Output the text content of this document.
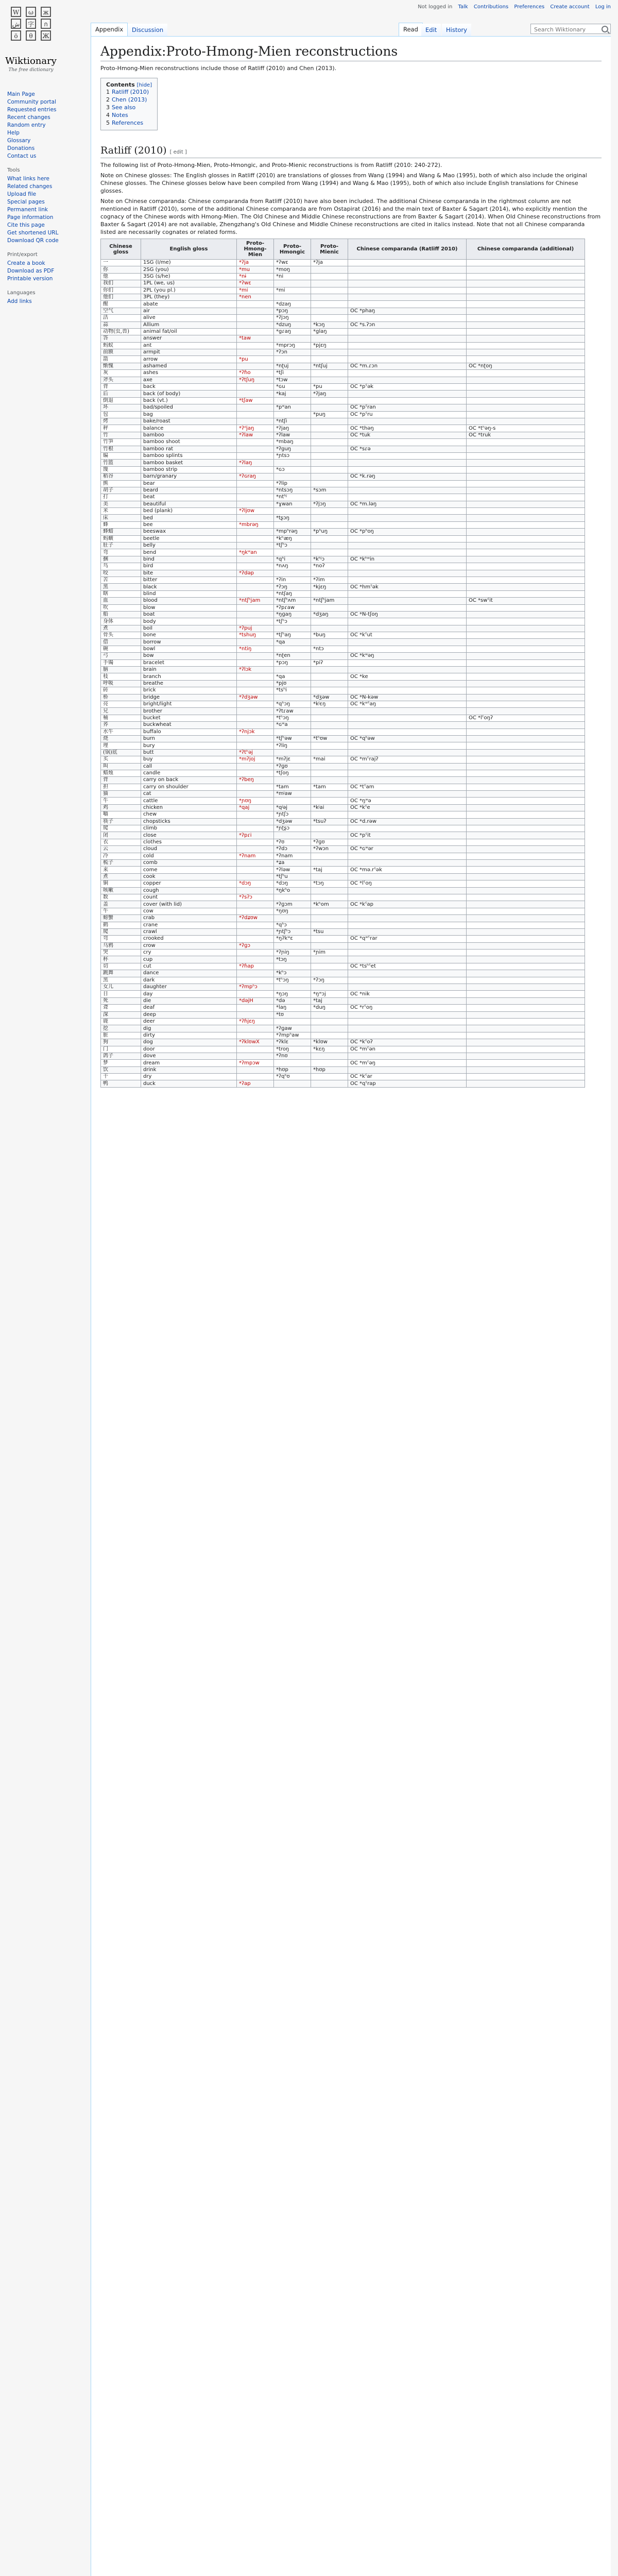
Not logged in Talk Contributions Preferences Create account Log in
W ω ж
ش 字 ก
ö θ Ж
Wiktionary
The free dictionary
Main Page
Community portal
Requested entries
Recent changes
Random entry
Help
Glossary
Donations
Contact us
Tools
What links here
Related changes
Upload file
Special pages
Permanent link
Page information
Cite this page
Get shortened URL
Download QR code
Print/export
Create a book
Download as PDF
Printable version
Languages
Add links
Appendix	Discussion	Read	Edit	History
Search Wiktionary
Appendix:Proto-Hmong-Mien reconstructions

Proto-Hmong-Mien reconstructions include those of Ratliff (2010) and Chen (2013).

Contents [hide]
1 Ratliff (2010)
2 Chen (2013)
3 See also
4 Notes
5 References
Ratliff (2010) [ edit ]

The following list of Proto-Hmong-Mien, Proto-Hmongic, and Proto-Mienic reconstructions is from Ratliff (2010: 240-272).

Note on Chinese glosses: The English glosses in Ratliff (2010) are translations of glosses from Wang (1994) and Wang & Mao (1995), both of which also include the original Chinese glosses. The Chinese glosses below have been compiled from Wang (1994) and Wang & Mao (1995), both of which also include English translations for Chinese glosses.

Note on Chinese comparanda: Chinese comparanda from Ratliff (2010) have also been included. The additional Chinese comparanda in the rightmost column are not mentioned in Ratliff (2010), some of the additional Chinese comparanda are from Ostapirat (2016) and the main text of Baxter & Sagart (2014), who explicitly mention the cognacy of the Chinese words with Hmong-Mien. The Old Chinese and Middle Chinese reconstructions are from Baxter & Sagart (2014). When Old Chinese reconstructions from Baxter & Sagart (2014) are not available, Zhengzhang's Old Chinese and Middle Chinese reconstructions are cited in italics instead. Note that not all Chinese comparanda listed are necessarily cognates or related forms.

Chinese gloss	English gloss	Proto-Hmong-Mien	Proto-Hmongic	Proto-Mienic	Chinese comparanda (Ratliff 2010)	Chinese comparanda (additional)
一	1SG (I/me)	*ʔja	*ʔwɛ	*ʔja		
你	2SG (you)	*mu	*moŋ			
他	3SG (s/he)	*nɨ	*ni			
我们	1PL (we, us)	*ʔwɛ				
你们	2PL (you pl.)	*mi	*mi			
他们	3PL (they)	*nen				
醒	abate		*dzaŋ			
空气	air		*pɔŋ		OC *phaŋ	
活	alive		*ʔjɔŋ			
蒜	Allium		*dzuŋ	*kɔŋ	OC *s.ʔɔn	
动物(虫,兽)	animal fat/oil		*gɾaŋ	*glaŋ		
答	answer	*taw				
蚂蚁	ant		*mprɔŋ	*pjɛŋ		
前额	armpit		*ʔɔn			
箭	arrow	*pu				
惭愧	ashamed		*nʈuj	*ntʃuj	OC *m.ɾɔn	OC *nʈoŋ
灰	ashes	*ʔɦo	*tʃi			
斧头	axe	*ʔtʃuŋ	*tɔw			
背	back		*ɢu	*pu	OC *pˤək	
后	back (of body)		*kaj	*ʔjaŋ		
倒退	back (vt.)	*tʃaw				
坏	bad/spoiled		*pʷan		OC *pˤran	
包	bag			*puŋ	OC *pˤru	
烤	bake/roast		*ntʃi			
秤	balance	*ʔᵈjaŋ	*ʔjaŋ		OC *thəŋ	OC *tʰəŋ-s
竹	bamboo	*ʔlaw	*ʔlaw		OC *tuk	OC *truk
竹笋	bamboo shoot		*mbaŋ			
竹根	bamboo rat		*ʔguŋ		OC *sɾə	
编	bamboo splints		*ɲtsɔ			
竹篮	bamboo basket	*ʔlaŋ				
篾	bamboo strip		*ɢɔ			
稻谷	barn/granary	*ʔɢraŋ			OC *k.rəŋ	
熊	bear		*ʔlip			
胡子	beard		*ntsɔŋ	*sɔm		
打	beat		*ntʰʲ			
美	beautiful		*ɣwan	*ʔjɔŋ	OC *m.ləŋ	
米	bed (plank)	*ʔljʊw				
床	bed		*tʂɔŋ			
蜂	bee	*mbrəŋ				
蜂蜡	beeswax		*mpʰrəŋ	*pʰuŋ	OC *pʰoŋ	
蚂蟥	beetle		*kʰæŋ			
肚子	belly		*tʃʰɔ			
弯	bend	*ŋkʷan				
捆	bind		*qʰi	*kʰʲɔ	OC *kʰʷin	
鸟	bird		*nʌŋ	*noʔ		
咬	bite	*ʔdəp				
苦	bitter		*ʔin	*ʔim		
黑	black		*ʔɔŋ	*kjɛŋ	OC *hmˤək	
瞎	blind		*ntʃaŋ			
血	blood	*ntʃʰjam	*ntʃʰʌm	*ntʃʰjam		OC *swˤit
吹	blow		*ʔpɾaw			
船	boat		*ŋɡaŋ	*dʒaŋ	OC *N-tʃoŋ	
身体	body		*tʃʰɔ			
煮	boil	*ʔpuj				
骨头	bone	*tshuŋ	*tʃʰaŋ	*buŋ	OC *kˤut	
借	borrow		*qa			
碗	bowl	*ntiŋ		*ntɔ		
弓	bow		*nʈen		OC *kʷəŋ	
手镯	bracelet		*pɔŋ	*piʔ		
脑	brain	*ʔlɔk				
枝	branch		*qa		OC *ke	
呼吸	breathe		*pjʊ			
砖	brick		*tsʰi			
桥	bridge	*ʔdʒəw		*dʒəw	OC *N-kəw	
亮	bright/light		*qʰɔŋ	*kʲɛŋ	OC *kʷˤaŋ	
兄	brother		*ʔtɾaw			
桶	bucket		*tʰɔŋ			OC *lˤoŋʔ
荞	buckwheat		*ɢʷa			
水牛	buffalo	*ʔnjɔk				
烧	burn		*tʃʰəw	*tʰʊw	OC *qʰəw	
埋	bury		*ʔliŋ			
(锅)底	butt	*ʔtʰəj				
买	buy	*mʔjoj	*mʔjɛ	*mai	OC *mˤrajʔ	
叫	call		*ʔɡʊ			
蜡烛	candle		*tʃoŋ			
背	carry on back	*ʔbeŋ				
担	carry on shoulder		*tam	*tam	OC *tˤam	
猫	cat		*mʲaw			
牛	cattle	*ɲʊŋ			OC *ŋʷə	
鸡	chicken	*qaj	*qʲəj	*kʲai	OC *kˤe	
嚼	chew		*ɲtʃɔ			
筷子	chopsticks		*dʒəw	*tsuʔ	OC *d.rəw	
爬	climb		*ɲʈʂɔ			
闭	close	*ʔpɾi			OC *pˤit	
衣	clothes		*ʔʊ	*ʔɡʊ		
云	cloud		*ʔdɔ	*ʔwɔn	OC *ɢʷər	
冷	cold	*ʔnam	*ʔnam			
梳子	comb		*ʑa			
来	come		*ʔləw	*taj	OC *mə.rˤək	
煮	cook		*tʃʰu			
铜	copper	*dɔŋ	*dɔŋ	*tɔŋ	OC *lˤoŋ	
咳嗽	cough		*ŋkʰo			
数	count	*ʔsʔɔ				
盖	cover (with lid)		*ʔɡɔm	*kʰom	OC *kˤap	
牛	cow		*ŋʊŋ			
螃蟹	crab	*ʔdʑʊw				
鹤	crane		*qʰɔ			
爬	crawl		*ɲtʃʰɔ	*tsu		
弯	crooked		*ŋʔkʷɛ		OC *qʷˤrar	
乌鸦	crow	*ʔɡɔ				
哭	cry		*ʔɲiŋ	*ɲim		
杯	cup		*tɔŋ			
切	cut	*ʔɦap			OC *tsʰˤet	
跳舞	dance		*kʰɔ			
黑	dark		*tʰɔŋ	*ʔɔŋ		
女儿	daughter	*ʔmpʰɔ				
日	day		*ŋɔŋ	*ŋʷɔj	OC *nik	
死	die	*dəjH	*də	*taj		
聋	deaf		*laŋ	*duŋ	OC *rˤoŋ	
深	deep		*tʊ			
鹿	deer	*ʔɦjɛŋ				
挖	dig		*ʔɡaw			
脏	dirty		*ʔmpʰaw			
狗	dog	*ʔklʊwX	*ʔklɛ	*klʊw	OC *kˤoʔ	
门	door		*troŋ	*kɛŋ	OC *mˤən	
鸽子	dove		*ʔnʊ			
梦	dream	*ʔmpɔw			OC *mˤəŋ	
饮	drink		*hʊp	*hʊp		
干	dry		*ʔqʰʊ		OC *kˤar	
鸭	duck	*ʔap			OC *qˤrap	
